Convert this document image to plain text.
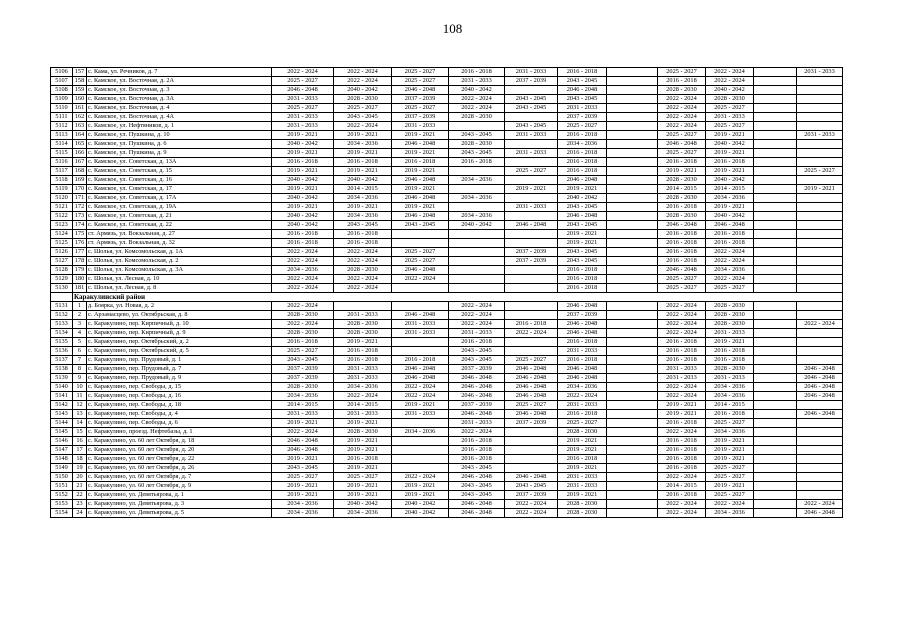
108
5106	157	с. Кама, ул. Речников, д. 7	2022 - 2024	2022 - 2024	2025 - 2027	2016 - 2018	2031 - 2033	2016 - 2018		2025 - 2027	2022 - 2024		2031 - 2033
5107	158	с. Камское, ул. Восточная, д. 2А	2025 - 2027	2022 - 2024	2025 - 2027	2031 - 2033	2037 - 2039	2043 - 2045		2016 - 2018	2022 - 2024		
5108	159	с. Камское, ул. Восточная, д. 3	2046 - 2048	2040 - 2042	2046 - 2048	2040 - 2042		2046 - 2048		2028 - 2030	2040 - 2042		
5109	160	с. Камское, ул. Восточная, д. 3А	2031 - 2033	2028 - 2030	2037 - 2039	2022 - 2024	2043 - 2045	2043 - 2045		2022 - 2024	2028 - 2030		
5110	161	с. Камское, ул. Восточная, д. 4	2025 - 2027	2025 - 2027	2025 - 2027	2022 - 2024	2043 - 2045	2031 - 2033		2022 - 2024	2025 - 2027		
5111	162	с. Камское, ул. Восточная, д. 4А	2031 - 2033	2043 - 2045	2037 - 2039	2028 - 2030		2037 - 2039		2022 - 2024	2031 - 2033		
5112	163	с. Камское, ул. Нефтяников, д. 1	2031 - 2033	2022 - 2024	2031 - 2033		2043 - 2045	2025 - 2027		2022 - 2024	2025 - 2027		
5113	164	с. Камское, ул. Пушкина, д. 10	2019 - 2021	2019 - 2021	2019 - 2021	2043 - 2045	2031 - 2033	2016 - 2018		2025 - 2027	2019 - 2021		2031 - 2033
5114	165	с. Камское, ул. Пушкина, д. 6	2040 - 2042	2034 - 2036	2046 - 2048	2028 - 2030		2034 - 2036		2046 - 2048	2040 - 2042		
5115	166	с. Камское, ул. Пушкина, д. 9	2019 - 2021	2019 - 2021	2019 - 2021	2043 - 2045	2031 - 2033	2016 - 2018		2025 - 2027	2019 - 2021		
5116	167	с. Камское, ул. Советская, д. 13А	2016 - 2018	2016 - 2018	2016 - 2018	2016 - 2018		2016 - 2018		2016 - 2018	2016 - 2018		
5117	168	с. Камское, ул. Советская, д. 15	2019 - 2021	2019 - 2021	2019 - 2021		2025 - 2027	2016 - 2018		2019 - 2021	2019 - 2021		2025 - 2027
5118	169	с. Камское, ул. Советская, д. 16	2040 - 2042	2040 - 2042	2046 - 2048	2034 - 2036		2046 - 2048		2028 - 2030	2040 - 2042		
5119	170	с. Камское, ул. Советская, д. 17	2019 - 2021	2014 - 2015	2019 - 2021		2019 - 2021	2019 - 2021		2014 - 2015	2014 - 2015		2019 - 2021
5120	171	с. Камское, ул. Советская, д. 17А	2040 - 2042	2034 - 2036	2046 - 2048	2034 - 2036		2040 - 2042		2028 - 2030	2034 - 2036		
5121	172	с. Камское, ул. Советская, д. 19А	2019 - 2021	2019 - 2021	2019 - 2021		2031 - 2033	2043 - 2045		2016 - 2018	2019 - 2021		
5122	173	с. Камское, ул. Советская, д. 21	2040 - 2042	2034 - 2036	2046 - 2048	2034 - 2036		2046 - 2048		2028 - 2030	2040 - 2042		
5123	174	с. Камское, ул. Советская, д. 22	2040 - 2042	2043 - 2045	2043 - 2045	2040 - 2042	2046 - 2048	2043 - 2045		2046 - 2048	2046 - 2048		
5124	175	ст. Армязь, ул. Вокзальная, д. 27	2016 - 2018	2016 - 2018				2019 - 2021		2016 - 2018	2016 - 2018		
5125	176	ст. Армязь, ул. Вокзальная, д. 32	2016 - 2018	2016 - 2018				2019 - 2021		2016 - 2018	2016 - 2018		
5126	177	с. Шолья, ул. Комсомольская, д. 1А	2022 - 2024	2022 - 2024	2025 - 2027		2037 - 2039	2043 - 2045		2016 - 2018	2022 - 2024		
5127	178	с. Шолья, ул. Комсомольская, д. 2	2022 - 2024	2022 - 2024	2025 - 2027		2037 - 2039	2043 - 2045		2016 - 2018	2022 - 2024		
5128	179	с. Шолья, ул. Комсомольская, д. 3А	2034 - 2036	2028 - 2030	2046 - 2048			2016 - 2018		2046 - 2048	2034 - 2036		
5129	180	с. Шолья, ул. Лесная, д. 10	2022 - 2024	2022 - 2024	2022 - 2024			2016 - 2018		2025 - 2027	2022 - 2024		
5130	181	с. Шолья, ул. Лесная, д. 8	2022 - 2024	2022 - 2024				2016 - 2018		2025 - 2027	2025 - 2027		
	Каракулинский район												
5131	1	д. Боярка, ул. Новая, д. 2	2022 - 2024			2022 - 2024		2046 - 2048		2022 - 2024	2028 - 2030		
5132	2	с. Арзамасцево, ул. Октябрьская, д. 8	2028 - 2030	2031 - 2033	2046 - 2048	2022 - 2024		2037 - 2039		2022 - 2024	2028 - 2030		
5133	3	с. Каракулино, пер. Кирпичный, д. 10	2022 - 2024	2028 - 2030	2031 - 2033	2022 - 2024	2016 - 2018	2046 - 2048		2022 - 2024	2028 - 2030		2022 - 2024
5134	4	с. Каракулино, пер. Кирпичный, д. 9	2028 - 2030	2028 - 2030	2031 - 2033	2031 - 2033	2022 - 2024	2046 - 2048		2022 - 2024	2031 - 2033		
5135	5	с. Каракулино, пер. Октябрьский, д. 2	2016 - 2018	2019 - 2021		2016 - 2018		2016 - 2018		2016 - 2018	2019 - 2021		
5136	6	с. Каракулино, пер. Октябрьский, д. 5	2025 - 2027	2016 - 2018		2043 - 2045		2031 - 2033		2016 - 2018	2016 - 2018		
5137	7	с. Каракулино, пер. Прудовый, д. 1	2043 - 2045	2016 - 2018	2016 - 2018	2043 - 2045	2025 - 2027	2016 - 2018		2016 - 2018	2016 - 2018		
5138	8	с. Каракулино, пер. Прудовый, д. 7	2037 - 2039	2031 - 2033	2046 - 2048	2037 - 2039	2046 - 2048	2046 - 2048		2031 - 2033	2028 - 2030		2046 - 2048
5139	9	с. Каракулино, пер. Прудовый, д. 9	2037 - 2039	2031 - 2033	2046 - 2048	2046 - 2048	2046 - 2048	2046 - 2048		2031 - 2033	2031 - 2033		2046 - 2048
5140	10	с. Каракулино, пер. Свободы, д. 15	2028 - 2030	2034 - 2036	2022 - 2024	2046 - 2048	2046 - 2048	2034 - 2036		2022 - 2024	2034 - 2036		2046 - 2048
5141	11	с. Каракулино, пер. Свободы, д. 16	2034 - 2036	2022 - 2024	2022 - 2024	2046 - 2048	2046 - 2048	2022 - 2024		2022 - 2024	2034 - 2036		2046 - 2048
5142	12	с. Каракулино, пер. Свободы, д. 18	2014 - 2015	2014 - 2015	2019 - 2021	2037 - 2039	2025 - 2027	2031 - 2033		2019 - 2021	2014 - 2015		
5143	13	с. Каракулино, пер. Свободы, д. 4	2031 - 2033	2031 - 2033	2031 - 2033	2046 - 2048	2046 - 2048	2016 - 2018		2019 - 2021	2016 - 2018		2046 - 2048
5144	14	с. Каракулино, пер. Свободы, д. 6	2019 - 2021	2019 - 2021		2031 - 2033	2037 - 2039	2025 - 2027		2016 - 2018	2025 - 2027		
5145	15	с. Каракулино, проезд. Нефтебазы, д. 1	2022 - 2024	2028 - 2030	2034 - 2036	2022 - 2024		2028 - 2030		2022 - 2024	2034 - 2036		
5146	16	с. Каракулино, ул. 60 лет Октября, д. 18	2046 - 2048	2019 - 2021		2016 - 2018		2019 - 2021		2016 - 2018	2019 - 2021		
5147	17	с. Каракулино, ул. 60 лет Октября, д. 20	2046 - 2048	2019 - 2021		2016 - 2018		2019 - 2021		2016 - 2018	2019 - 2021		
5148	18	с. Каракулино, ул. 60 лет Октября, д. 22	2019 - 2021	2016 - 2018		2016 - 2018		2016 - 2018		2016 - 2018	2019 - 2021		
5149	19	с. Каракулино, ул. 60 лет Октября, д. 26	2043 - 2045	2019 - 2021		2043 - 2045		2019 - 2021		2016 - 2018	2025 - 2027		
5150	20	с. Каракулино, ул. 60 лет Октября, д. 7	2025 - 2027	2025 - 2027	2022 - 2024	2046 - 2048	2046 - 2048	2031 - 2033		2022 - 2024	2025 - 2027		
5151	21	с. Каракулино, ул. 60 лет Октября, д. 9	2019 - 2021	2019 - 2021	2019 - 2021	2043 - 2045	2043 - 2045	2031 - 2033		2014 - 2015	2019 - 2021		
5152	22	с. Каракулино, ул. Девятьярова, д. 1	2019 - 2021	2019 - 2021	2019 - 2021	2043 - 2045	2037 - 2039	2019 - 2021		2016 - 2018	2025 - 2027		
5153	23	с. Каракулино, ул. Девятьярова, д. 3	2034 - 2036	2040 - 2042	2040 - 2042	2046 - 2048	2022 - 2024	2028 - 2030		2022 - 2024	2022 - 2024		2022 - 2024
5154	24	с. Каракулино, ул. Девятьярова, д. 5	2034 - 2036	2034 - 2036	2040 - 2042	2046 - 2048	2022 - 2024	2028 - 2030		2022 - 2024	2034 - 2036		2046 - 2048
